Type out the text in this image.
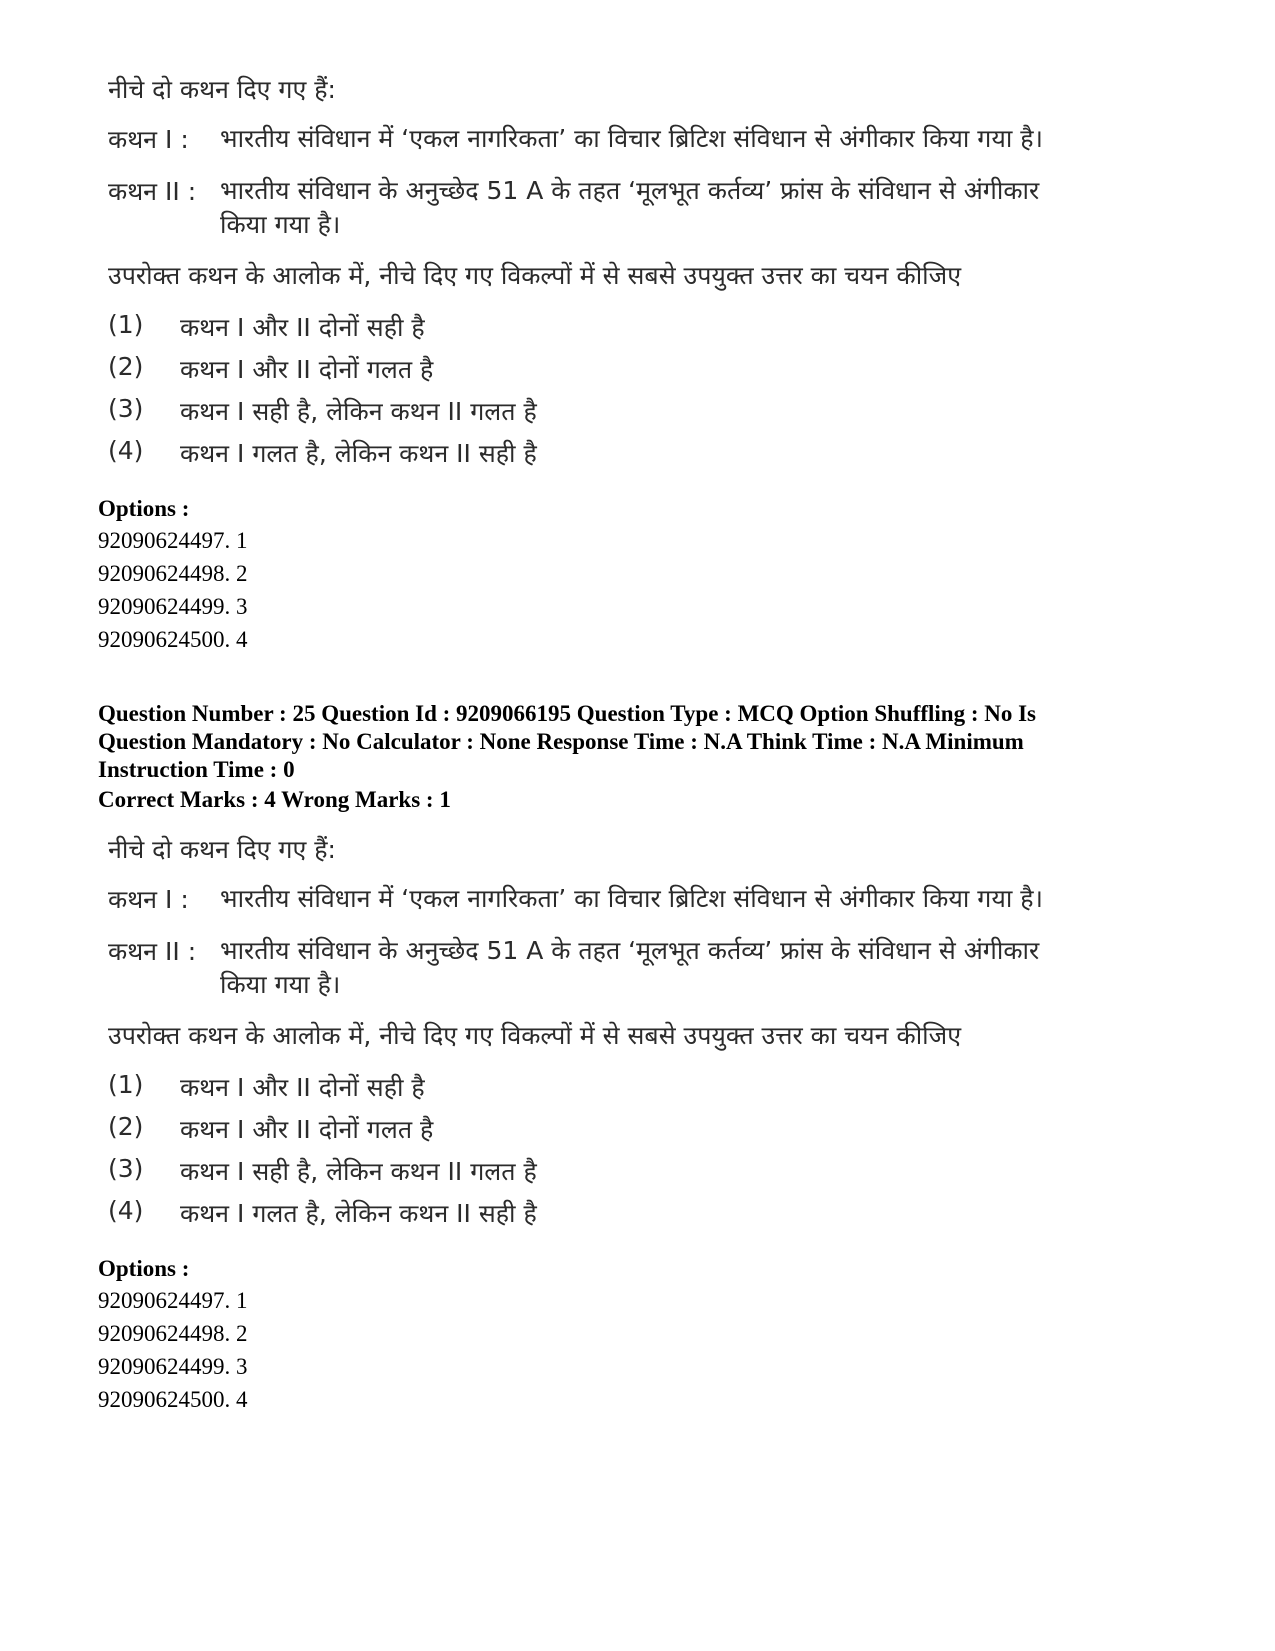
नीचे दो कथन दिए गए हैं:
कथन I : भारतीय संविधान में ‘एकल नागरिकता’ का विचार ब्रिटिश संविधान से अंगीकार किया गया है।
कथन II : भारतीय संविधान के अनुच्छेद 51 A के तहत ‘मूलभूत कर्तव्य’ फ्रांस के संविधान से अंगीकार किया गया है।
उपरोक्त कथन के आलोक में, नीचे दिए गए विकल्पों में से सबसे उपयुक्त उत्तर का चयन कीजिए
(1) कथन I और II दोनों सही है
(2) कथन I और II दोनों गलत है
(3) कथन I सही है, लेकिन कथन II गलत है
(4) कथन I गलत है, लेकिन कथन II सही है
Options :
92090624497. 1
92090624498. 2
92090624499. 3
92090624500. 4
Question Number : 25 Question Id : 9209066195 Question Type : MCQ Option Shuffling : No Is Question Mandatory : No Calculator : None Response Time : N.A Think Time : N.A Minimum Instruction Time : 0
Correct Marks : 4 Wrong Marks : 1
नीचे दो कथन दिए गए हैं:
कथन I : भारतीय संविधान में ‘एकल नागरिकता’ का विचार ब्रिटिश संविधान से अंगीकार किया गया है।
कथन II : भारतीय संविधान के अनुच्छेद 51 A के तहत ‘मूलभूत कर्तव्य’ फ्रांस के संविधान से अंगीकार किया गया है।
उपरोक्त कथन के आलोक में, नीचे दिए गए विकल्पों में से सबसे उपयुक्त उत्तर का चयन कीजिए
(1) कथन I और II दोनों सही है
(2) कथन I और II दोनों गलत है
(3) कथन I सही है, लेकिन कथन II गलत है
(4) कथन I गलत है, लेकिन कथन II सही है
Options :
92090624497. 1
92090624498. 2
92090624499. 3
92090624500. 4
